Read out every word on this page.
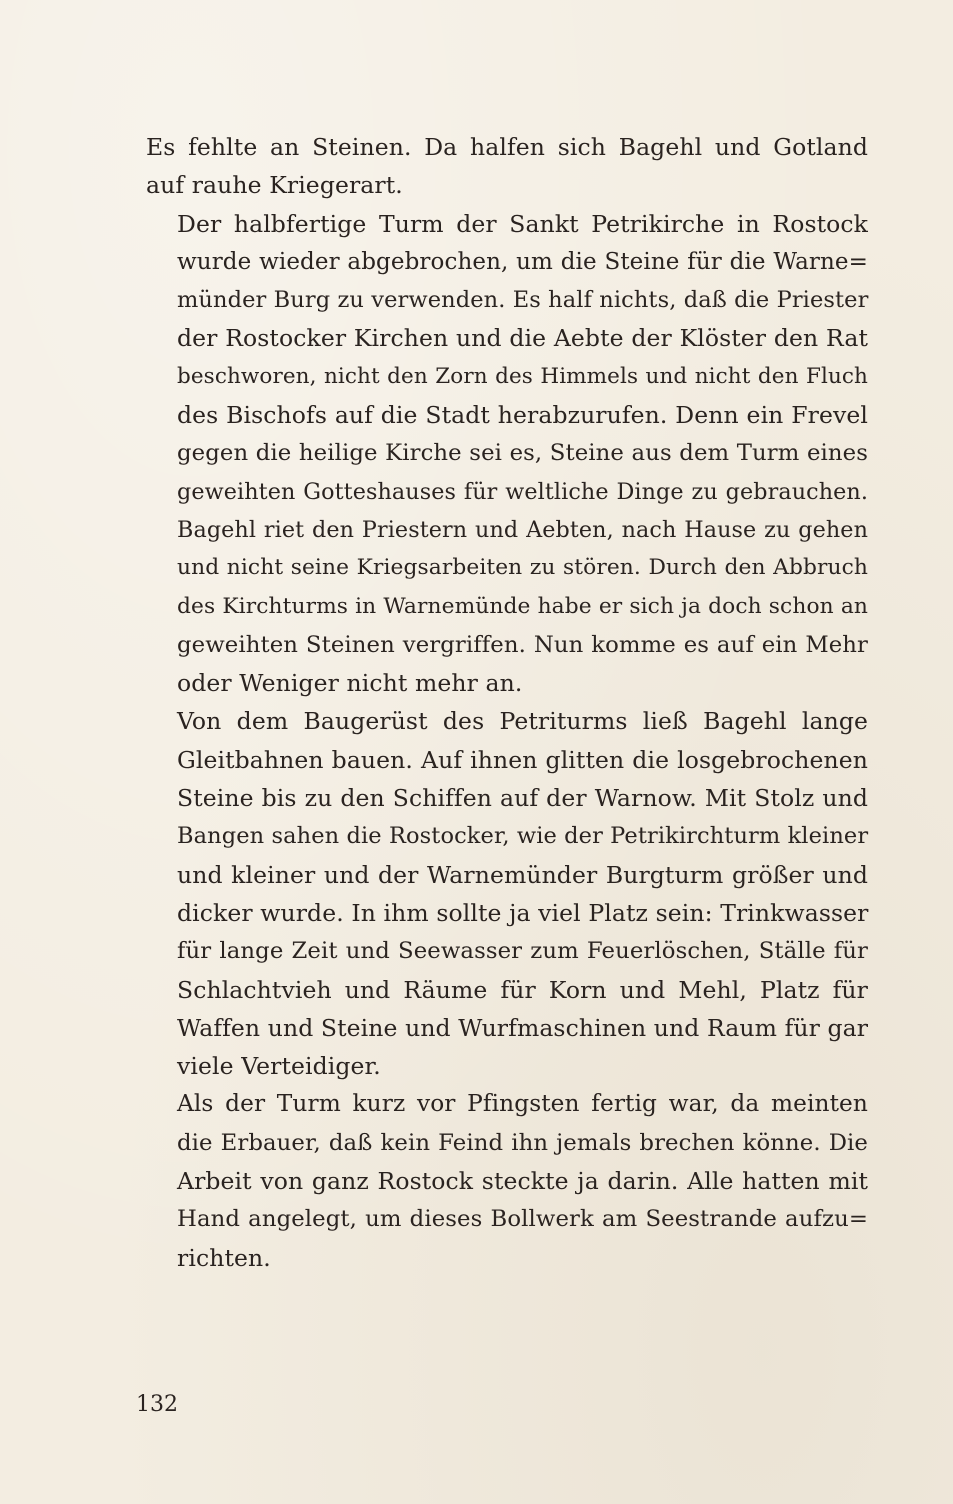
Es fehlte an Steinen. Da halfen sich Bagehl und Gotland
auf rauhe Kriegerart.

Der halbfertige Turm der Sankt Petrikirche in Rostock
wurde wieder abgebrochen, um die Steine für die Warne=
münder Burg zu verwenden. Es half nichts, daß die Priester
der Rostocker Kirchen und die Aebte der Klöster den Rat
beschworen, nicht den Zorn des Himmels und nicht den Fluch
des Bischofs auf die Stadt herabzurufen. Denn ein Frevel
gegen die heilige Kirche sei es, Steine aus dem Turm eines
geweihten Gotteshauses für weltliche Dinge zu gebrauchen.
Bagehl riet den Priestern und Aebten, nach Hause zu gehen
und nicht seine Kriegsarbeiten zu stören. Durch den Abbruch
des Kirchturms in Warnemünde habe er sich ja doch schon an
geweihten Steinen vergriffen. Nun komme es auf ein Mehr
oder Weniger nicht mehr an.

Von dem Baugerüst des Petriturms ließ Bagehl lange
Gleitbahnen bauen. Auf ihnen glitten die losgebrochenen
Steine bis zu den Schiffen auf der Warnow. Mit Stolz und
Bangen sahen die Rostocker, wie der Petrikirchturm kleiner
und kleiner und der Warnemünder Burgturm größer und
dicker wurde. In ihm sollte ja viel Platz sein: Trinkwasser
für lange Zeit und Seewasser zum Feuerlöschen, Ställe für
Schlachtvieh und Räume für Korn und Mehl, Platz für
Waffen und Steine und Wurfmaschinen und Raum für gar
viele Verteidiger.

Als der Turm kurz vor Pfingsten fertig war, da meinten
die Erbauer, daß kein Feind ihn jemals brechen könne. Die
Arbeit von ganz Rostock steckte ja darin. Alle hatten mit
Hand angelegt, um dieses Bollwerk am Seestrande aufzu=
richten.

132
